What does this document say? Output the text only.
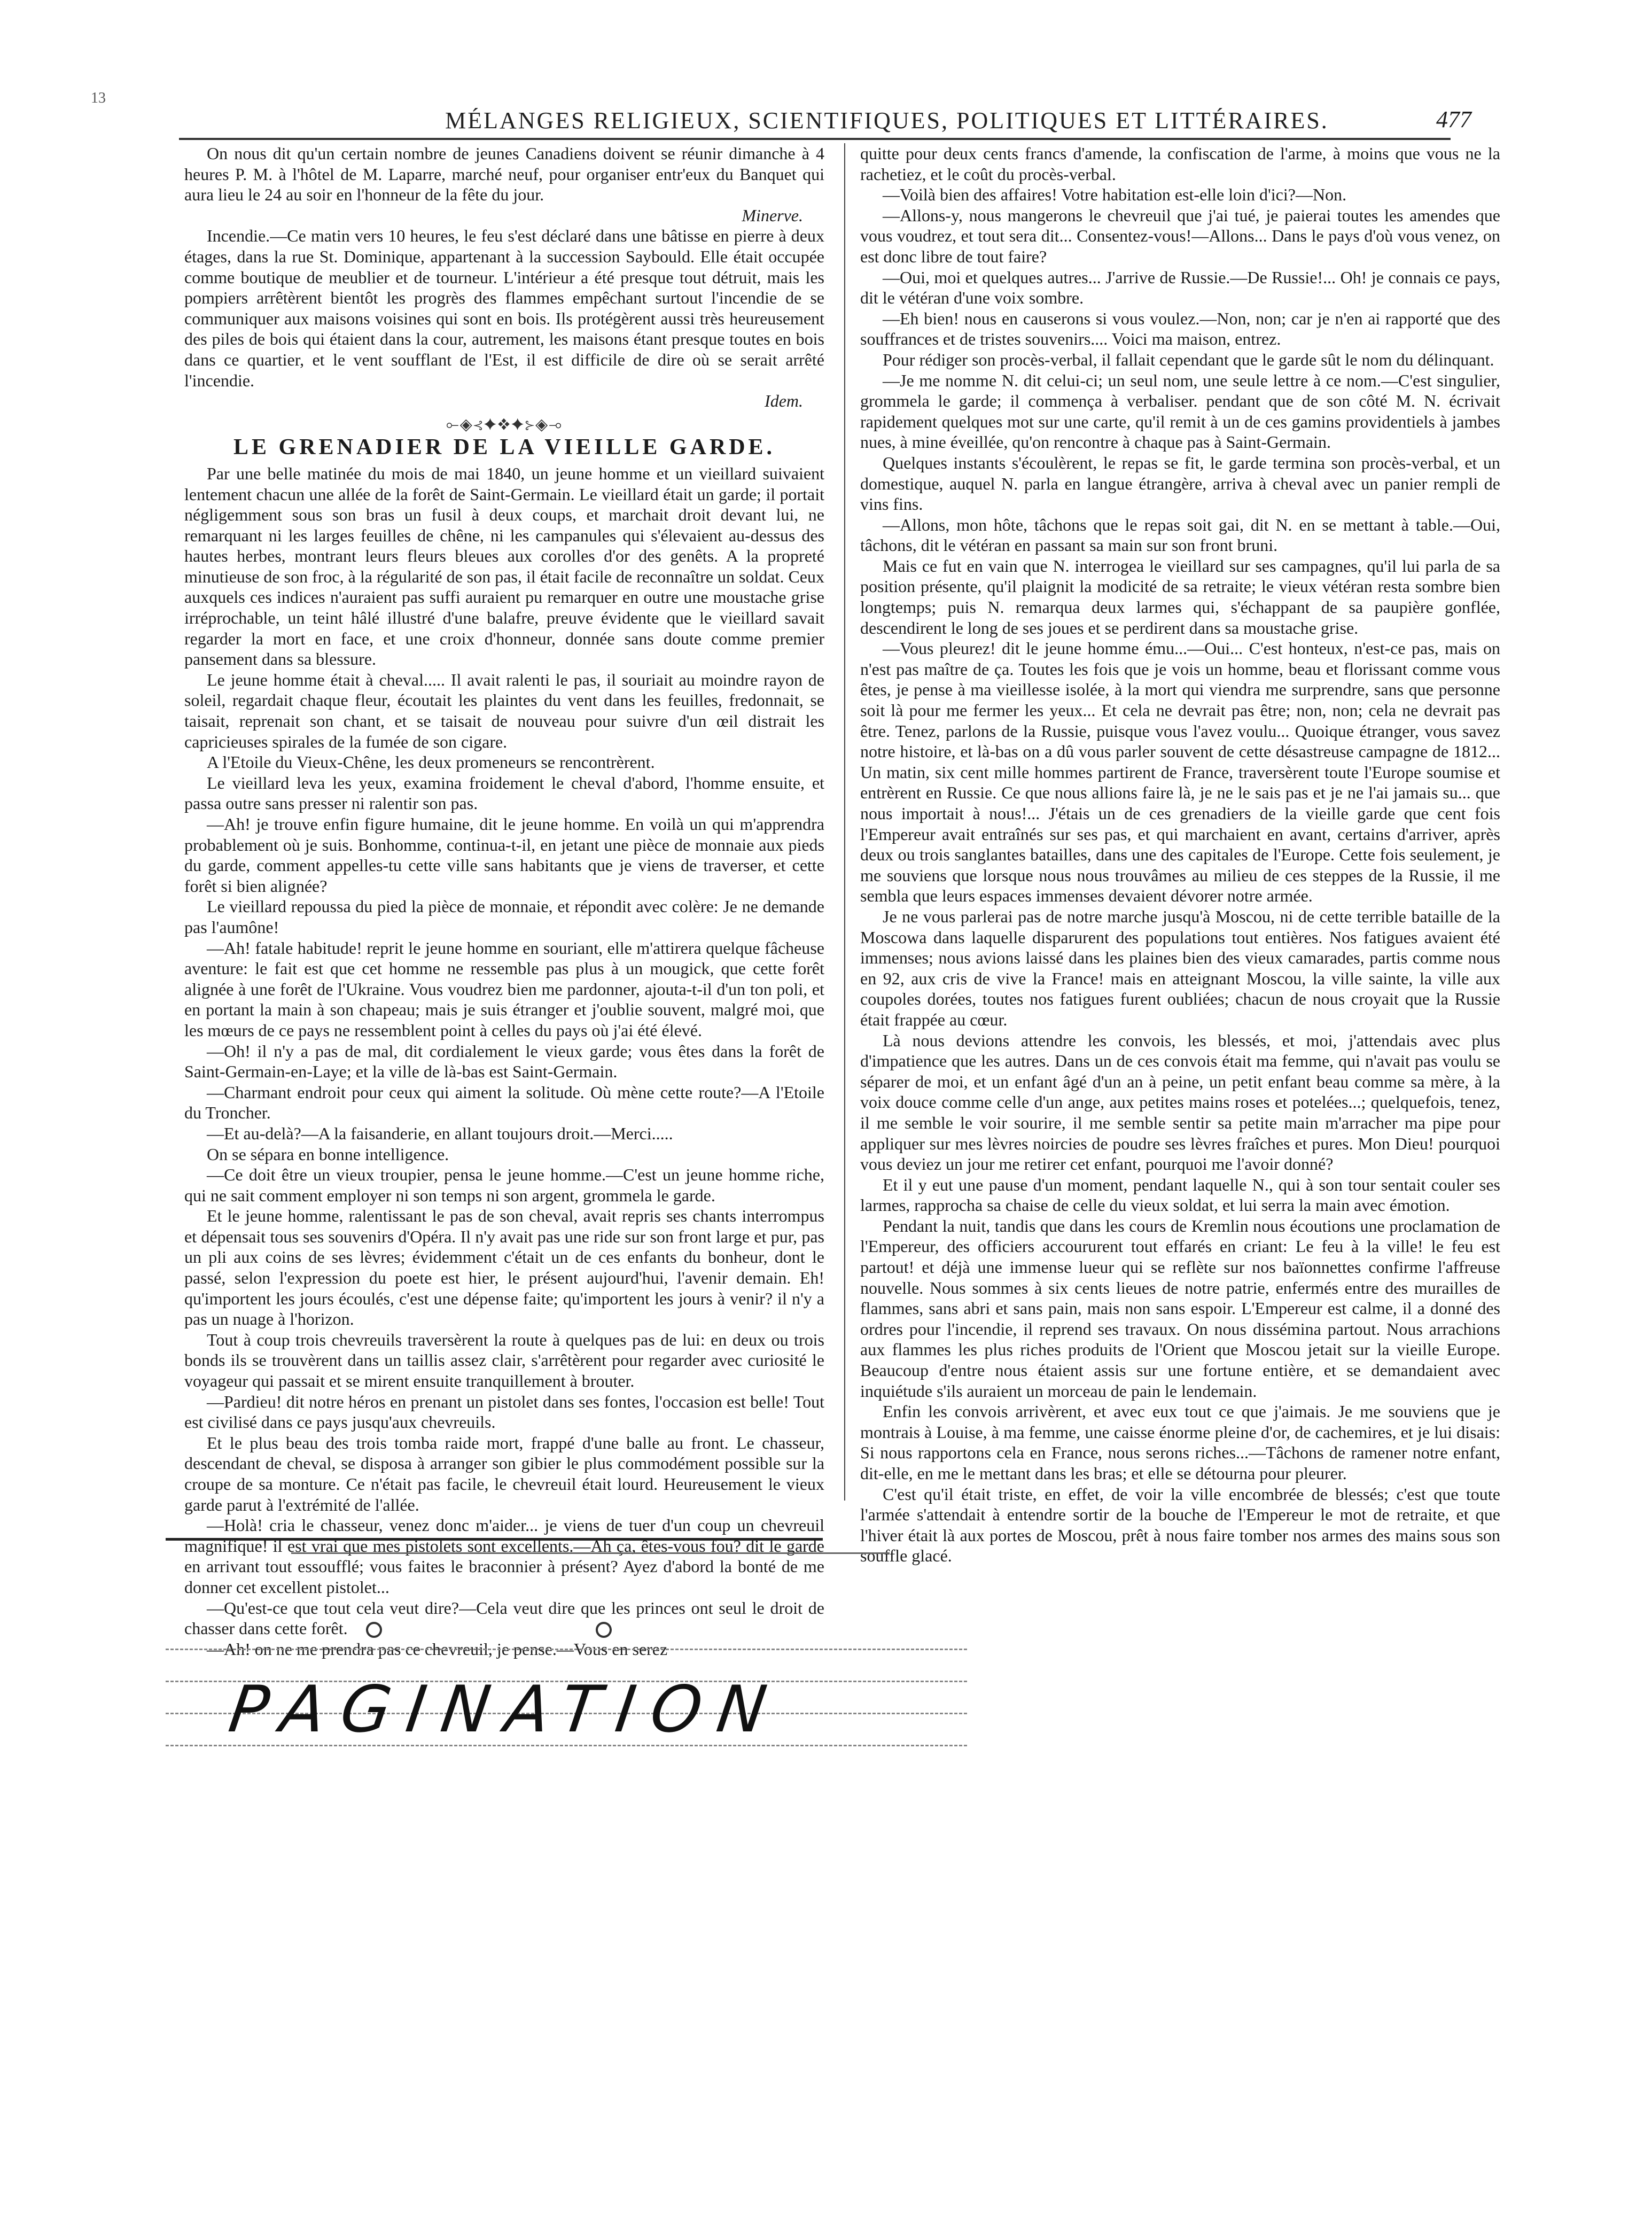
13
MÉLANGES RELIGIEUX, SCIENTIFIQUES, POLITIQUES ET LITTÉRAIRES.	477

On nous dit qu'un certain nombre de jeunes Canadiens doivent se réunir dimanche à 4 heures P. M. à l'hôtel de M. Laparre, marché neuf, pour organiser entr'eux du Banquet qui aura lieu le 24 au soir en l'honneur de la fête du jour.

Minerve.

Incendie.—Ce matin vers 10 heures, le feu s'est déclaré dans une bâtisse en pierre à deux étages, dans la rue St. Dominique, appartenant à la succession Saybould. Elle était occupée comme boutique de meublier et de tourneur. L'intérieur a été presque tout détruit, mais les pompiers arrêtèrent bientôt les progrès des flammes empêchant surtout l'incendie de se communiquer aux maisons voisines qui sont en bois. Ils protégèrent aussi très heureusement des piles de bois qui étaient dans la cour, autrement, les maisons étant presque toutes en bois dans ce quartier, et le vent soufflant de l'Est, il est difficile de dire où se serait arrêté l'incendie.

Idem.
⟜◈⊰✦❖✦⊱◈⊸
LE GRENADIER DE LA VIEILLE GARDE.

Par une belle matinée du mois de mai 1840, un jeune homme et un vieillard suivaient lentement chacun une allée de la forêt de Saint-Germain. Le vieillard était un garde; il portait négligemment sous son bras un fusil à deux coups, et marchait droit devant lui, ne remarquant ni les larges feuilles de chêne, ni les campanules qui s'élevaient au-dessus des hautes herbes, montrant leurs fleurs bleues aux corolles d'or des genêts. A la propreté minutieuse de son froc, à la régularité de son pas, il était facile de reconnaître un soldat. Ceux auxquels ces indices n'auraient pas suffi auraient pu remarquer en outre une moustache grise irréprochable, un teint hâlé illustré d'une balafre, preuve évidente que le vieillard savait regarder la mort en face, et une croix d'honneur, donnée sans doute comme premier pansement dans sa blessure.

Le jeune homme était à cheval..... Il avait ralenti le pas, il souriait au moindre rayon de soleil, regardait chaque fleur, écoutait les plaintes du vent dans les feuilles, fredonnait, se taisait, reprenait son chant, et se taisait de nouveau pour suivre d'un œil distrait les capricieuses spirales de la fumée de son cigare.

A l'Etoile du Vieux-Chêne, les deux promeneurs se rencontrèrent.

Le vieillard leva les yeux, examina froidement le cheval d'abord, l'homme ensuite, et passa outre sans presser ni ralentir son pas.

—Ah! je trouve enfin figure humaine, dit le jeune homme. En voilà un qui m'apprendra probablement où je suis. Bonhomme, continua-t-il, en jetant une pièce de monnaie aux pieds du garde, comment appelles-tu cette ville sans habitants que je viens de traverser, et cette forêt si bien alignée?

Le vieillard repoussa du pied la pièce de monnaie, et répondit avec colère: Je ne demande pas l'aumône!

—Ah! fatale habitude! reprit le jeune homme en souriant, elle m'attirera quelque fâcheuse aventure: le fait est que cet homme ne ressemble pas plus à un mougick, que cette forêt alignée à une forêt de l'Ukraine. Vous voudrez bien me pardonner, ajouta-t-il d'un ton poli, et en portant la main à son chapeau; mais je suis étranger et j'oublie souvent, malgré moi, que les mœurs de ce pays ne ressemblent point à celles du pays où j'ai été élevé.

—Oh! il n'y a pas de mal, dit cordialement le vieux garde; vous êtes dans la forêt de Saint-Germain-en-Laye; et la ville de là-bas est Saint-Germain.

—Charmant endroit pour ceux qui aiment la solitude. Où mène cette route?—A l'Etoile du Troncher.

—Et au-delà?—A la faisanderie, en allant toujours droit.—Merci.....

On se sépara en bonne intelligence.

—Ce doit être un vieux troupier, pensa le jeune homme.—C'est un jeune homme riche, qui ne sait comment employer ni son temps ni son argent, grommela le garde.

Et le jeune homme, ralentissant le pas de son cheval, avait repris ses chants interrompus et dépensait tous ses souvenirs d'Opéra. Il n'y avait pas une ride sur son front large et pur, pas un pli aux coins de ses lèvres; évidemment c'était un de ces enfants du bonheur, dont le passé, selon l'expression du poete est hier, le présent aujourd'hui, l'avenir demain. Eh! qu'importent les jours écoulés, c'est une dépense faite; qu'importent les jours à venir? il n'y a pas un nuage à l'horizon.

Tout à coup trois chevreuils traversèrent la route à quelques pas de lui: en deux ou trois bonds ils se trouvèrent dans un taillis assez clair, s'arrêtèrent pour regarder avec curiosité le voyageur qui passait et se mirent ensuite tranquillement à brouter.

—Pardieu! dit notre héros en prenant un pistolet dans ses fontes, l'occasion est belle! Tout est civilisé dans ce pays jusqu'aux chevreuils.

Et le plus beau des trois tomba raide mort, frappé d'une balle au front. Le chasseur, descendant de cheval, se disposa à arranger son gibier le plus commodément possible sur la croupe de sa monture. Ce n'était pas facile, le chevreuil était lourd. Heureusement le vieux garde parut à l'extrémité de l'allée.

—Holà! cria le chasseur, venez donc m'aider... je viens de tuer d'un coup un chevreuil magnifique! il est vrai que mes pistolets sont excellents.—Ah ça, êtes-vous fou? dit le garde en arrivant tout essoufflé; vous faites le braconnier à présent? Ayez d'abord la bonté de me donner cet excellent pistolet...

—Qu'est-ce que tout cela veut dire?—Cela veut dire que les princes ont seul le droit de chasser dans cette forêt.

—Ah! on ne me prendra pas ce chevreuil, je pense.—Vous en serez

quitte pour deux cents francs d'amende, la confiscation de l'arme, à moins que vous ne la rachetiez, et le coût du procès-verbal.

—Voilà bien des affaires! Votre habitation est-elle loin d'ici?—Non.

—Allons-y, nous mangerons le chevreuil que j'ai tué, je paierai toutes les amendes que vous voudrez, et tout sera dit... Consentez-vous!—Allons... Dans le pays d'où vous venez, on est donc libre de tout faire?

—Oui, moi et quelques autres... J'arrive de Russie.—De Russie!... Oh! je connais ce pays, dit le vétéran d'une voix sombre.

—Eh bien! nous en causerons si vous voulez.—Non, non; car je n'en ai rapporté que des souffrances et de tristes souvenirs.... Voici ma maison, entrez.

Pour rédiger son procès-verbal, il fallait cependant que le garde sût le nom du délinquant.

—Je me nomme N. dit celui-ci; un seul nom, une seule lettre à ce nom.—C'est singulier, grommela le garde; il commença à verbaliser. pendant que de son côté M. N. écrivait rapidement quelques mot sur une carte, qu'il remit à un de ces gamins providentiels à jambes nues, à mine éveillée, qu'on rencontre à chaque pas à Saint-Germain.

Quelques instants s'écoulèrent, le repas se fit, le garde termina son procès-verbal, et un domestique, auquel N. parla en langue étrangère, arriva à cheval avec un panier rempli de vins fins.

—Allons, mon hôte, tâchons que le repas soit gai, dit N. en se mettant à table.—Oui, tâchons, dit le vétéran en passant sa main sur son front bruni.

Mais ce fut en vain que N. interrogea le vieillard sur ses campagnes, qu'il lui parla de sa position présente, qu'il plaignit la modicité de sa retraite; le vieux vétéran resta sombre bien longtemps; puis N. remarqua deux larmes qui, s'échappant de sa paupière gonflée, descendirent le long de ses joues et se perdirent dans sa moustache grise.

—Vous pleurez! dit le jeune homme ému...—Oui... C'est honteux, n'est-ce pas, mais on n'est pas maître de ça. Toutes les fois que je vois un homme, beau et florissant comme vous êtes, je pense à ma vieillesse isolée, à la mort qui viendra me surprendre, sans que personne soit là pour me fermer les yeux... Et cela ne devrait pas être; non, non; cela ne devrait pas être. Tenez, parlons de la Russie, puisque vous l'avez voulu... Quoique étranger, vous savez notre histoire, et là-bas on a dû vous parler souvent de cette désastreuse campagne de 1812... Un matin, six cent mille hommes partirent de France, traversèrent toute l'Europe soumise et entrèrent en Russie. Ce que nous allions faire là, je ne le sais pas et je ne l'ai jamais su... que nous importait à nous!... J'étais un de ces grenadiers de la vieille garde que cent fois l'Empereur avait entraînés sur ses pas, et qui marchaient en avant, certains d'arriver, après deux ou trois sanglantes batailles, dans une des capitales de l'Europe. Cette fois seulement, je me souviens que lorsque nous nous trouvâmes au milieu de ces steppes de la Russie, il me sembla que leurs espaces immenses devaient dévorer notre armée.

Je ne vous parlerai pas de notre marche jusqu'à Moscou, ni de cette terrible bataille de la Moscowa dans laquelle disparurent des populations tout entières. Nos fatigues avaient été immenses; nous avions laissé dans les plaines bien des vieux camarades, partis comme nous en 92, aux cris de vive la France! mais en atteignant Moscou, la ville sainte, la ville aux coupoles dorées, toutes nos fatigues furent oubliées; chacun de nous croyait que la Russie était frappée au cœur.

Là nous devions attendre les convois, les blessés, et moi, j'attendais avec plus d'impatience que les autres. Dans un de ces convois était ma femme, qui n'avait pas voulu se séparer de moi, et un enfant âgé d'un an à peine, un petit enfant beau comme sa mère, à la voix douce comme celle d'un ange, aux petites mains roses et potelées...; quelquefois, tenez, il me semble le voir sourire, il me semble sentir sa petite main m'arracher ma pipe pour appliquer sur mes lèvres noircies de poudre ses lèvres fraîches et pures. Mon Dieu! pourquoi vous deviez un jour me retirer cet enfant, pourquoi me l'avoir donné?

Et il y eut une pause d'un moment, pendant laquelle N., qui à son tour sentait couler ses larmes, rapprocha sa chaise de celle du vieux soldat, et lui serra la main avec émotion.

Pendant la nuit, tandis que dans les cours de Kremlin nous écoutions une proclamation de l'Empereur, des officiers accoururent tout effarés en criant: Le feu à la ville! le feu est partout! et déjà une immense lueur qui se reflète sur nos baïonnettes confirme l'affreuse nouvelle. Nous sommes à six cents lieues de notre patrie, enfermés entre des murailles de flammes, sans abri et sans pain, mais non sans espoir. L'Empereur est calme, il a donné des ordres pour l'incendie, il reprend ses travaux. On nous dissémina partout. Nous arrachions aux flammes les plus riches produits de l'Orient que Moscou jetait sur la vieille Europe. Beaucoup d'entre nous étaient assis sur une fortune entière, et se demandaient avec inquiétude s'ils auraient un morceau de pain le lendemain.

Enfin les convois arrivèrent, et avec eux tout ce que j'aimais. Je me souviens que je montrais à Louise, à ma femme, une caisse énorme pleine d'or, de cachemires, et je lui disais: Si nous rapportons cela en France, nous serons riches...—Tâchons de ramener notre enfant, dit-elle, en me le mettant dans les bras; et elle se détourna pour pleurer.

C'est qu'il était triste, en effet, de voir la ville encombrée de blessés; c'est que toute l'armée s'attendait à entendre sortir de la bouche de l'Empereur le mot de retraite, et que l'hiver était là aux portes de Moscou, prêt à nous faire tomber nos armes des mains sous son souffle glacé.

PAGINATION
